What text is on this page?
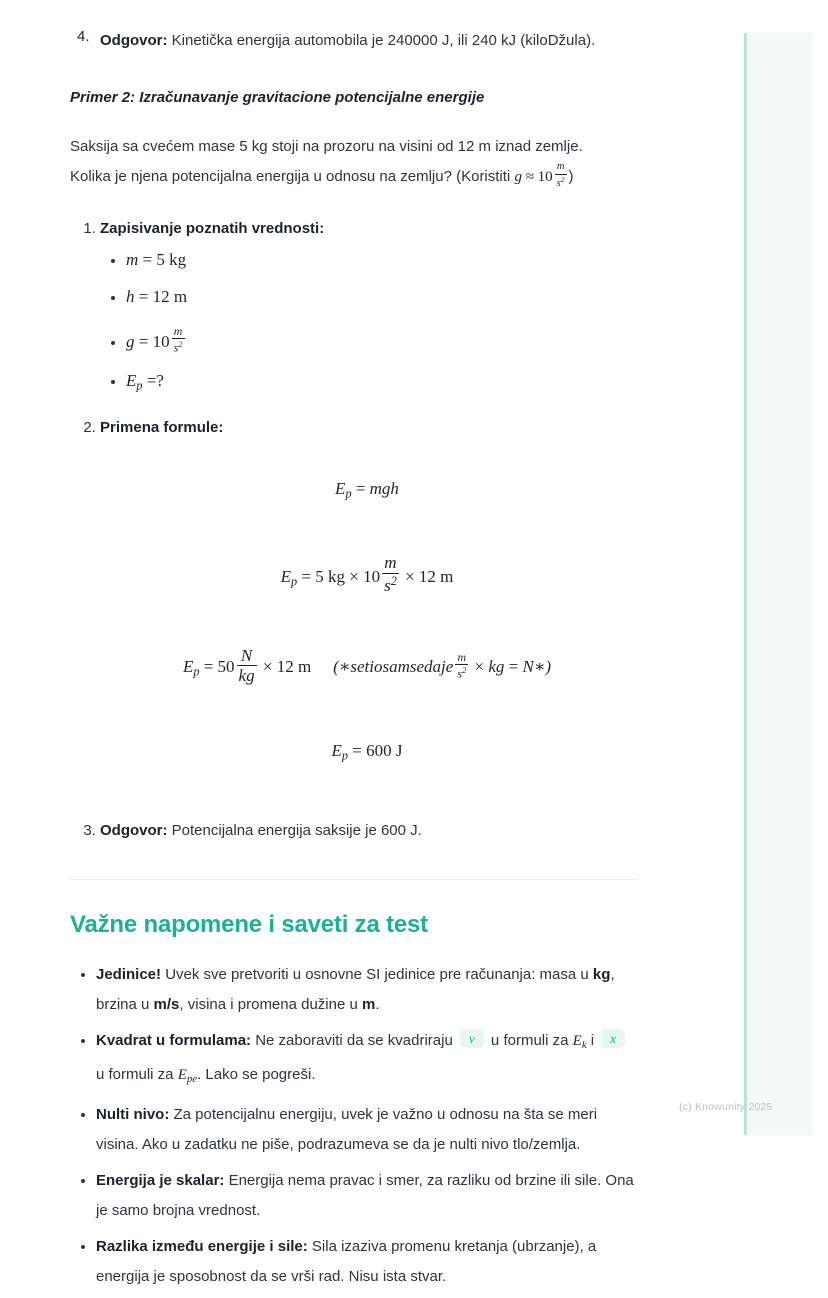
4. Odgovor: Kinetička energija automobila je 240000 J, ili 240 kJ (kiloDžula).

Primer 2: Izračunavanje gravitacione potencijalne energije

Saksija sa cvećem mase 5 kg stoji na prozoru na visini od 12 m iznad zemlje.

Kolika je njena potencijalna energija u odnosu na zemlju? (Koristiti $g \approx 10 \frac{m}{s^2}$ )

1. Zapisivanje poznatih vrednosti:
• m = 5 kg
• h = 12 m
• $g = 10 \frac{m}{s^2}$
• $E_p$ =?
2. Primena formule:
$E_p$ = mgh
$E_p = 5$ kg × $10 \frac{m}{s^2} \times 12$ m
$E_p = 50 \frac{N}{kg} \times 12$ m (∗setiosamsedaje $\frac{m}{s^2}$ × kg = N∗)
$E_p = 600$ J
3. Odgovor: Potencijalna energija saksije je 600 J.
Važne napomene i saveti za test
• Jedinice! Uvek sve pretvoriti u osnovne SI jedinice pre računanja: masa u kg, brzina u m/s, visina i promena dužine u m.
• Kvadrat u formulama: Ne zaboraviti da se kvadriraju v u formuli za $E_k$ i x u formuli za $E_{pe}$. Lako se pogreši.
• Nulti nivo: Za potencijalnu energiju, uvek je važno u odnosu na šta se meri visina. Ako u zadatku ne piše, podrazumeva se da je nulti nivo tlo/zemlja.
• Energija je skalar: Energija nema pravac i smer, za razliku od brzine ili sile. Ona je samo brojna vrednost.
• Razlika između energije i sile: Sila izaziva promenu kretanja (ubrzanje), a energija je sposobnost da se vrši rad. Nisu ista stvar.
(c) Knowunity 2025
